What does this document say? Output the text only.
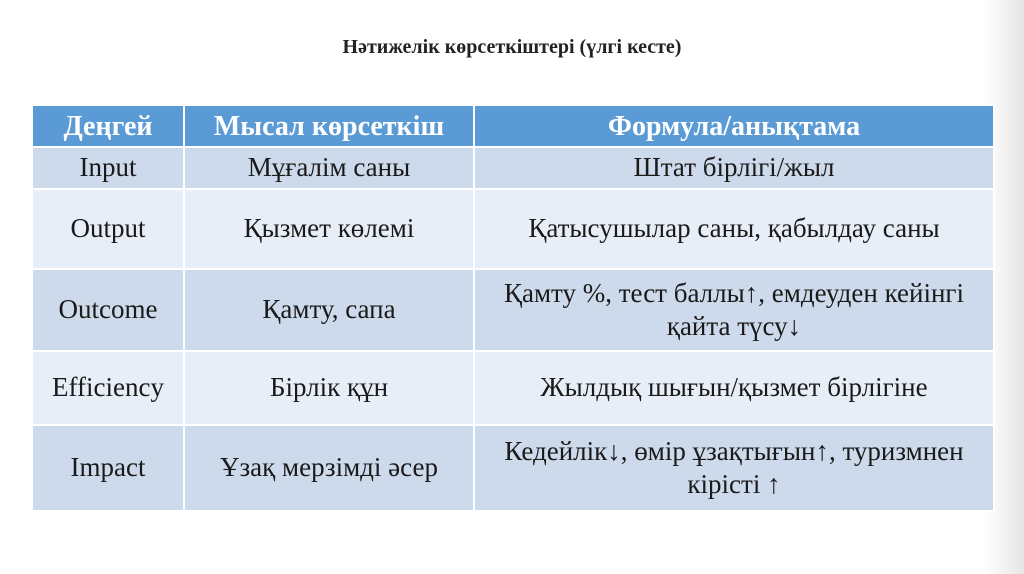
Нәтижелік көрсеткіштері (үлгі кесте)
Деңгей	Мысал көрсеткіш	Формула/анықтама
Input	Мұғалім саны	Штат бірлігі/жыл
Output	Қызмет көлемі	Қатысушылар саны, қабылдау саны
Outcome	Қамту, сапа	Қамту %, тест баллы↑, емдеуден кейінгі қайта түсу↓
Efficiency	Бірлік құн	Жылдық шығын/қызмет бірлігіне
Impact	Ұзақ мерзімді әсер	Кедейлік↓, өмір ұзақтығын↑, туризмнен кірісті ↑
